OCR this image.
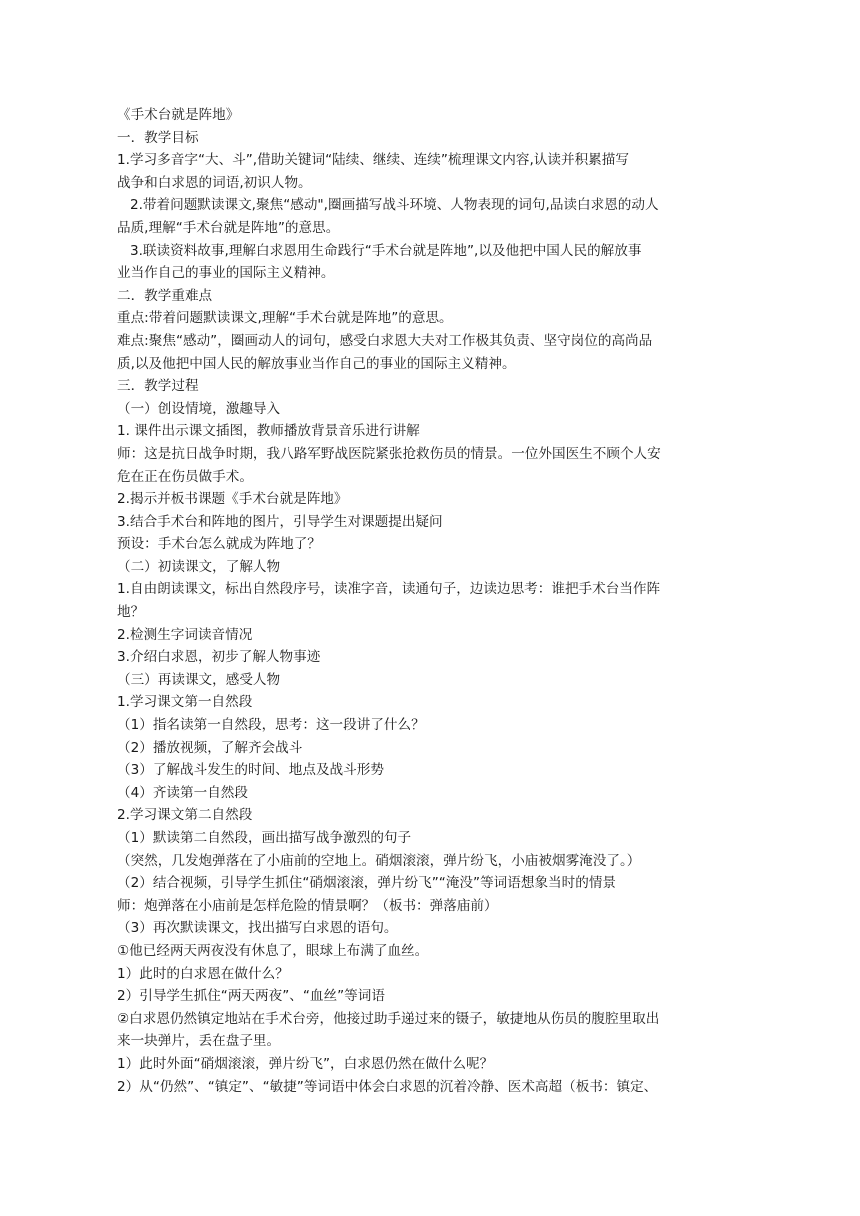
《手术台就是阵地》
一．教学目标
1.学习多音字“大、斗”,借助关键词“陆续、继续、连续”梳理课文内容,认读并积累描写
战争和白求恩的词语,初识人物。
2.带着问题默读课文,聚焦“感动",圈画描写战斗环境、人物表现的词句,品读白求恩的动人
品质,理解“手术台就是阵地”的意思。
3.联读资料故事,理解白求恩用生命践行“手术台就是阵地”,以及他把中国人民的解放事
业当作自己的事业的国际主义精神。
二．教学重难点
重点:带着问题默读课文,理解“手术台就是阵地”的意思。
难点:聚焦“感动”，圈画动人的词句，感受白求恩大夫对工作极其负责、坚守岗位的高尚品
质,以及他把中国人民的解放事业当作自己的事业的国际主义精神。
三．教学过程
（一）创设情境，激趣导入
1. 课件出示课文插图，教师播放背景音乐进行讲解
师：这是抗日战争时期，我八路军野战医院紧张抢救伤员的情景。一位外国医生不顾个人安
危在正在伤员做手术。
2.揭示并板书课题《手术台就是阵地》
3.结合手术台和阵地的图片，引导学生对课题提出疑问
预设：手术台怎么就成为阵地了？
（二）初读课文，了解人物
1.自由朗读课文，标出自然段序号，读准字音，读通句子，边读边思考：谁把手术台当作阵
地？
2.检测生字词读音情况
3.介绍白求恩，初步了解人物事迹
（三）再读课文，感受人物
1.学习课文第一自然段
（1）指名读第一自然段，思考：这一段讲了什么？
（2）播放视频，了解齐会战斗
（3）了解战斗发生的时间、地点及战斗形势
（4）齐读第一自然段
2.学习课文第二自然段
（1）默读第二自然段，画出描写战争激烈的句子
（突然，几发炮弹落在了小庙前的空地上。硝烟滚滚，弹片纷飞，小庙被烟雾淹没了。）
（2）结合视频，引导学生抓住“硝烟滚滚，弹片纷飞”“淹没”等词语想象当时的情景
师：炮弹落在小庙前是怎样危险的情景啊？（板书：弹落庙前）
（3）再次默读课文，找出描写白求恩的语句。
①他已经两天两夜没有休息了，眼球上布满了血丝。
1）此时的白求恩在做什么？
2）引导学生抓住“两天两夜”、“血丝”等词语
②白求恩仍然镇定地站在手术台旁，他接过助手递过来的镊子，敏捷地从伤员的腹腔里取出
来一块弹片，丢在盘子里。
1）此时外面“硝烟滚滚，弹片纷飞”，白求恩仍然在做什么呢？
2）从“仍然”、“镇定”、“敏捷”等词语中体会白求恩的沉着冷静、医术高超（板书：镇定、
